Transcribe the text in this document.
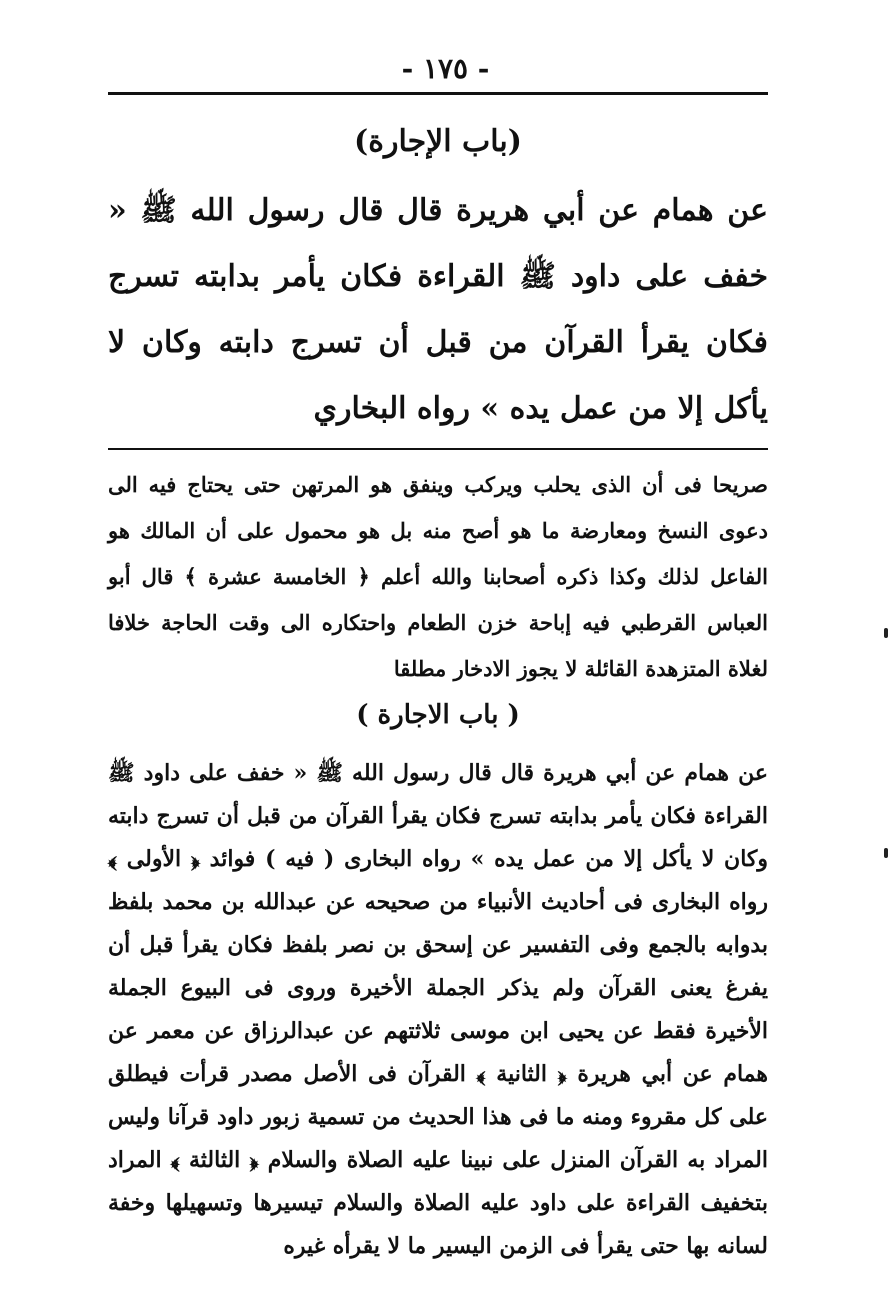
- ١٧٥ -
(باب الإجارة)
عن همام عن أبي هريرة قال قال رسول الله ﷺ « خفف على داود ﷺ القراءة فكان يأمر بدابته تسرج فكان يقرأ القرآن من قبل أن تسرج دابته وكان لا يأكل إلا من عمل يده » رواه البخاري
صريحا فى أن الذى يحلب ويركب وينفق هو المرتهن حتى يحتاج فيه الى دعوى النسخ ومعارضة ما هو أصح منه بل هو محمول على أن المالك هو الفاعل لذلك وكذا ذكره أصحابنا والله أعلم ﴿ الخامسة عشرة ﴾ قال أبو العباس القرطبي فيه إباحة خزن الطعام واحتكاره الى وقت الحاجة خلافا لغلاة المتزهدة القائلة لا يجوز الادخار مطلقا
( باب الاجارة )
عن همام عن أبي هريرة قال قال رسول الله ﷺ « خفف على داود ﷺ القراءة فكان يأمر بدابته تسرج فكان يقرأ القرآن من قبل أن تسرج دابته وكان لا يأكل إلا من عمل يده » رواه البخارى ( فيه ) فوائد ﴿ الأولى ﴾ رواه البخارى فى أحاديث الأنبياء من صحيحه عن عبدالله بن محمد بلفظ بدوابه بالجمع وفى التفسير عن إسحق بن نصر بلفظ فكان يقرأ قبل أن يفرغ يعنى القرآن ولم يذكر الجملة الأخيرة وروى فى البيوع الجملة الأخيرة فقط عن يحيى ابن موسى ثلاثتهم عن عبدالرزاق عن معمر عن همام عن أبي هريرة ﴿ الثانية ﴾ القرآن فى الأصل مصدر قرأت فيطلق على كل مقروء ومنه ما فى هذا الحديث من تسمية زبور داود قرآنا وليس المراد به القرآن المنزل على نبينا عليه الصلاة والسلام ﴿ الثالثة ﴾ المراد بتخفيف القراءة على داود عليه الصلاة والسلام تيسيرها وتسهيلها وخفة لسانه بها حتى يقرأ فى الزمن اليسير ما لا يقرأه غيره
